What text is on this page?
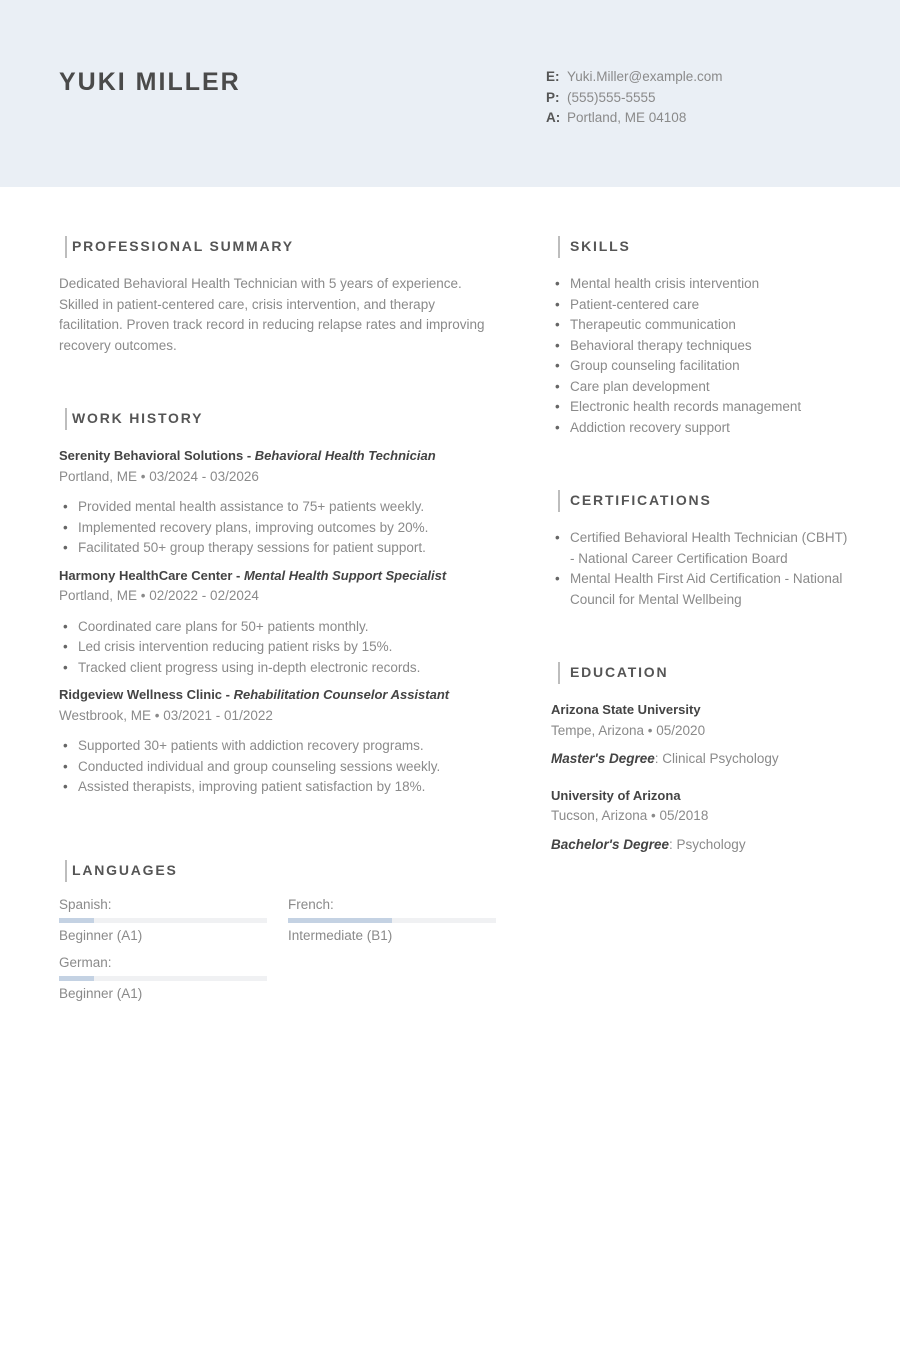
YUKI MILLER	E: Yuki.Miller@example.com
P: (555)555-5555
A: Portland, ME 04108
PROFESSIONAL SUMMARY

Dedicated Behavioral Health Technician with 5 years of experience. Skilled in patient-centered care, crisis intervention, and therapy facilitation. Proven track record in reducing relapse rates and improving recovery outcomes.

WORK HISTORY
Serenity Behavioral Solutions - Behavioral Health Technician
Portland, ME • 03/2024 - 03/2026
• Provided mental health assistance to 75+ patients weekly.
• Implemented recovery plans, improving outcomes by 20%.
• Facilitated 50+ group therapy sessions for patient support.
Harmony HealthCare Center - Mental Health Support Specialist
Portland, ME • 02/2022 - 02/2024
• Coordinated care plans for 50+ patients monthly.
• Led crisis intervention reducing patient risks by 15%.
• Tracked client progress using in-depth electronic records.
Ridgeview Wellness Clinic - Rehabilitation Counselor Assistant
Westbrook, ME • 03/2021 - 01/2022
• Supported 30+ patients with addiction recovery programs.
• Conducted individual and group counseling sessions weekly.
• Assisted therapists, improving patient satisfaction by 18%.
LANGUAGES
Spanish:
Beginner (A1)
French:
Intermediate (B1)
German:
Beginner (A1)
SKILLS
• Mental health crisis intervention
• Patient-centered care
• Therapeutic communication
• Behavioral therapy techniques
• Group counseling facilitation
• Care plan development
• Electronic health records management
• Addiction recovery support
CERTIFICATIONS
• Certified Behavioral Health Technician (CBHT) - National Career Certification Board
• Mental Health First Aid Certification - National Council for Mental Wellbeing
EDUCATION
Arizona State University
Tempe, Arizona • 05/2020
Master's Degree: Clinical Psychology
University of Arizona
Tucson, Arizona • 05/2018
Bachelor's Degree: Psychology
